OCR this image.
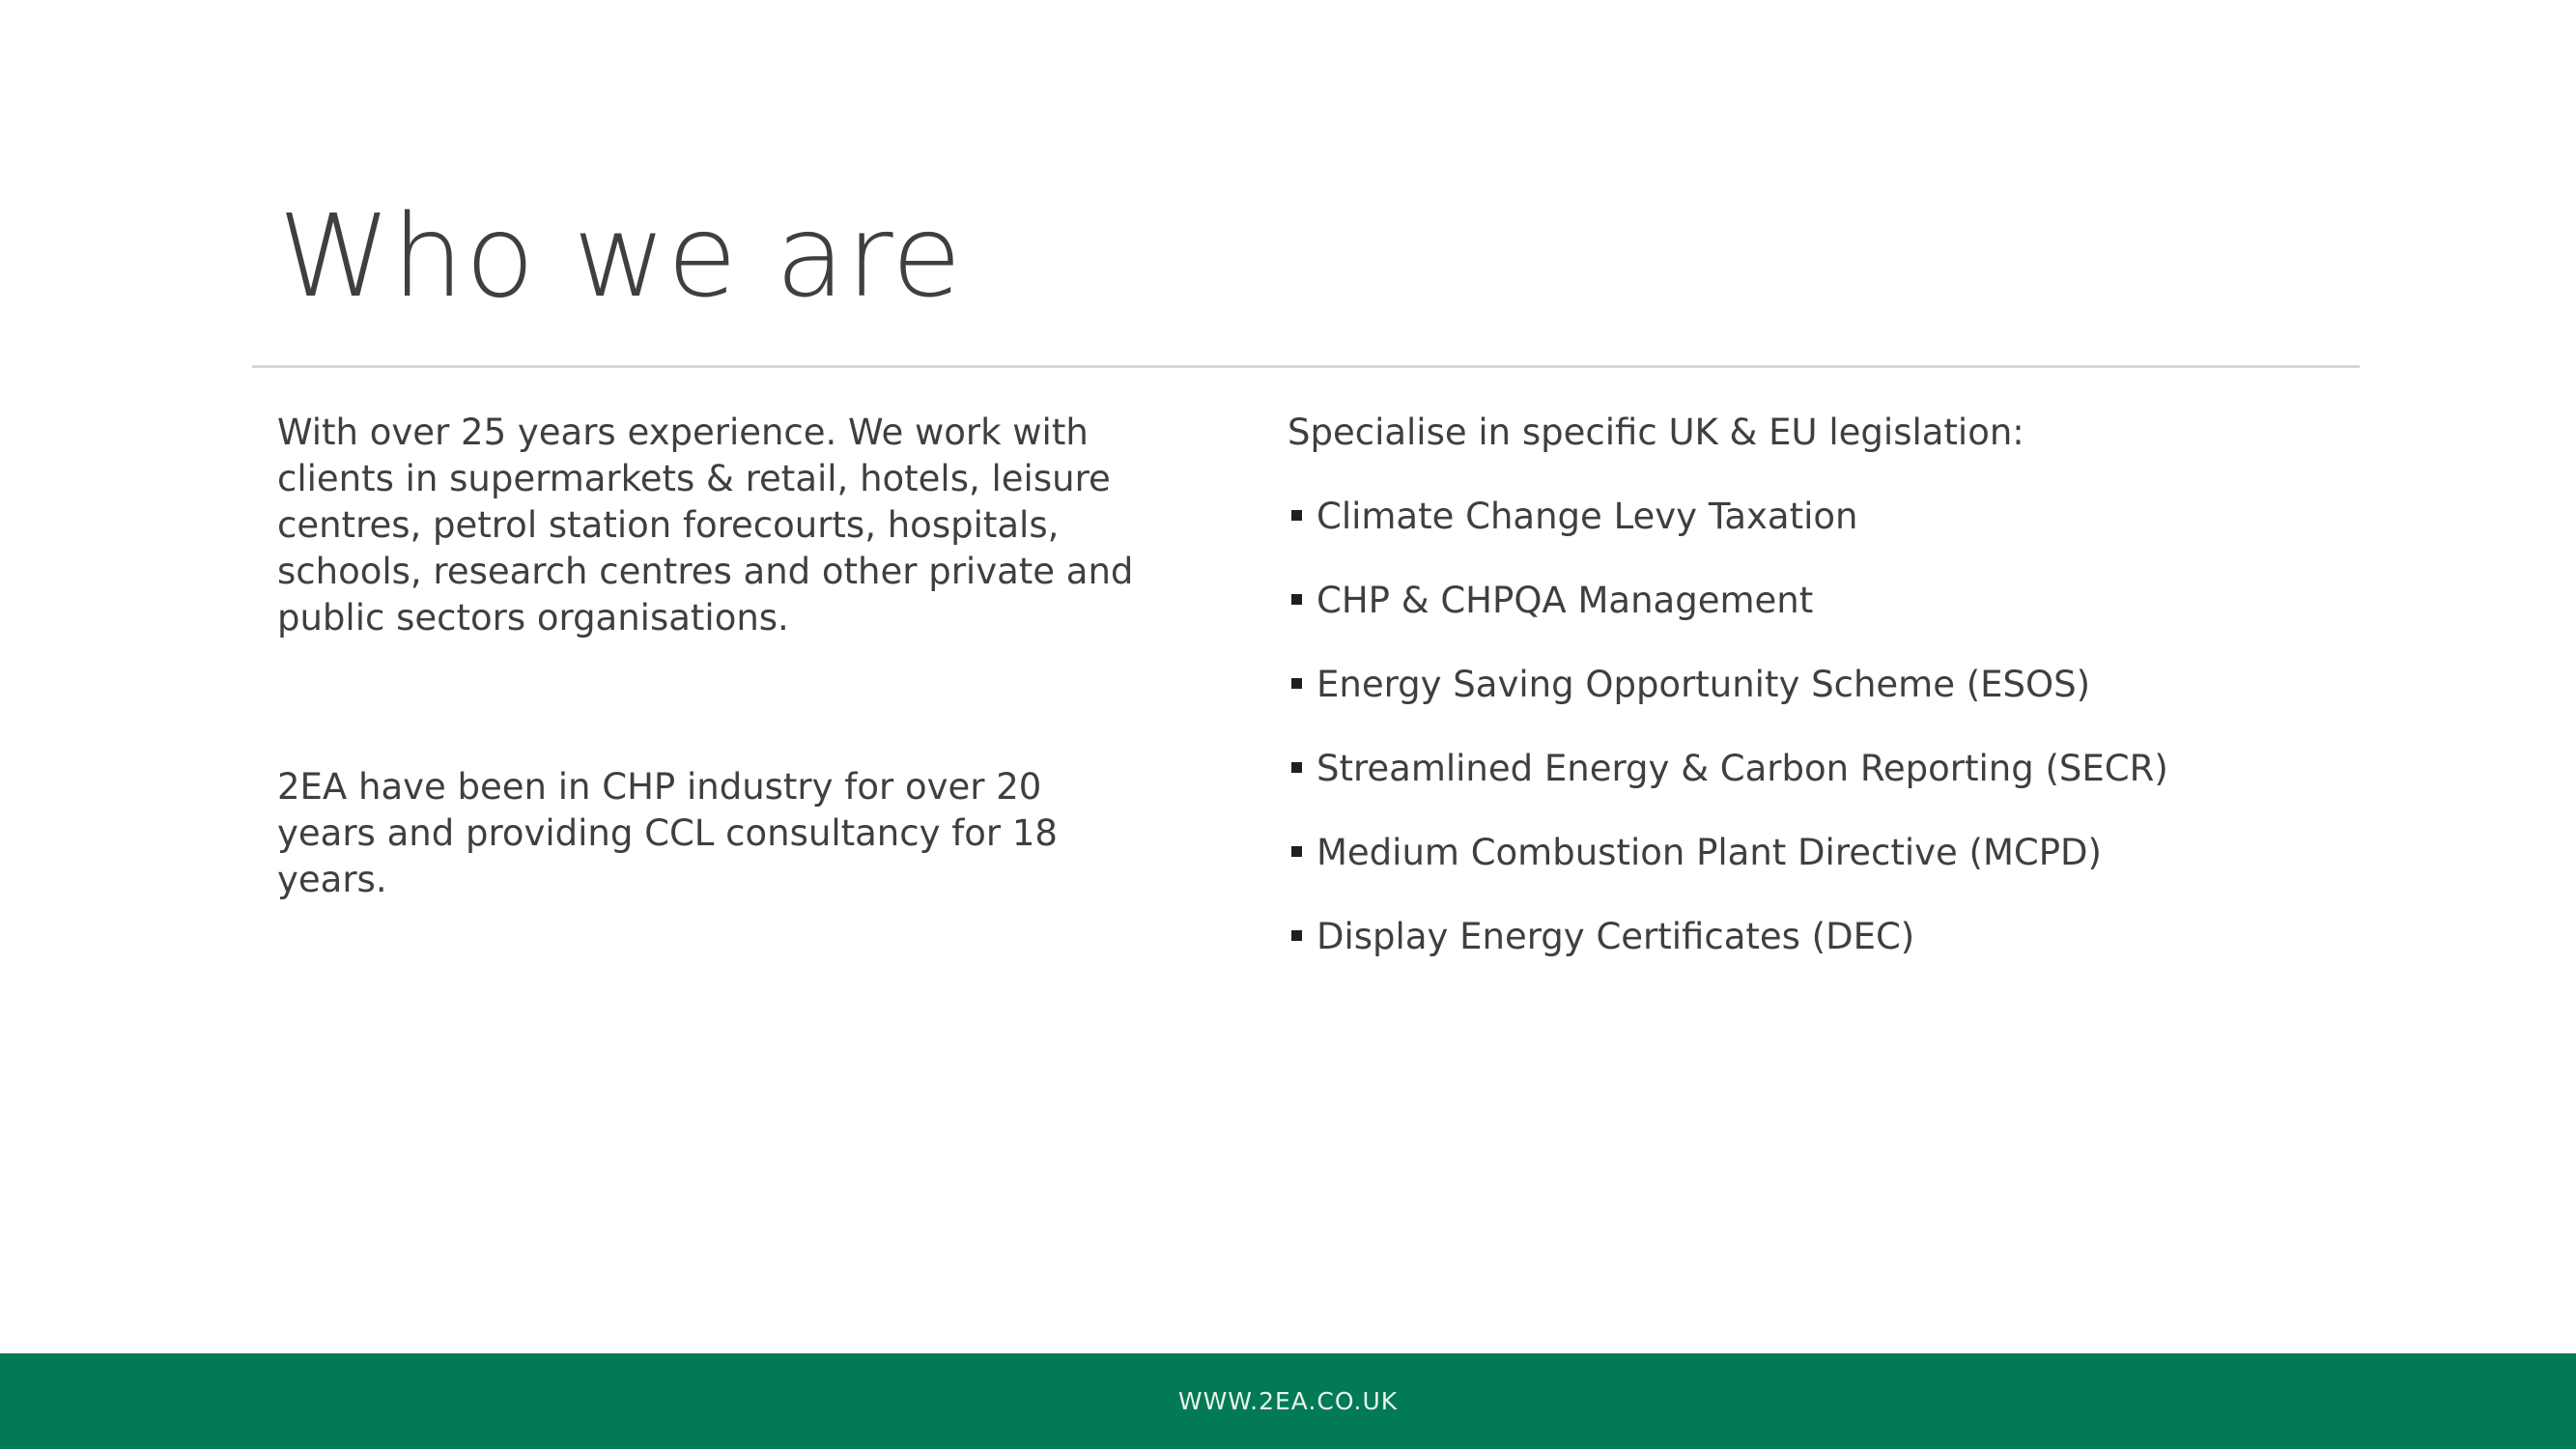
Who we are

With over 25 years experience. We work with clients in supermarkets & retail, hotels, leisure centres, petrol station forecourts, hospitals, schools, research centres and other private and public sectors organisations.

2EA have been in CHP industry for over 20 years and providing CCL consultancy for 18 years.

Specialise in specific UK & EU legislation:

Climate Change Levy Taxation
CHP & CHPQA Management
Energy Saving Opportunity Scheme (ESOS)
Streamlined Energy & Carbon Reporting (SECR)
Medium Combustion Plant Directive (MCPD)
Display Energy Certificates (DEC)
WWW.2EA.CO.UK
